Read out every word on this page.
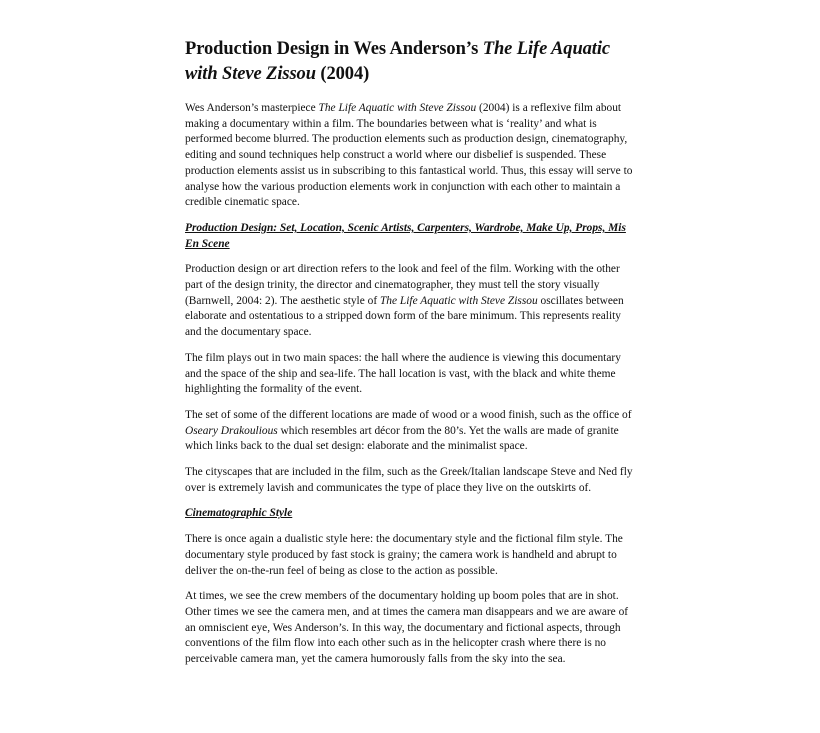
Production Design in Wes Anderson’s The Life Aquatic with Steve Zissou (2004)

Wes Anderson’s masterpiece The Life Aquatic with Steve Zissou (2004) is a reflexive film about making a documentary within a film. The boundaries between what is ‘reality’ and what is performed become blurred. The production elements such as production design, cinematography, editing and sound techniques help construct a world where our disbelief is suspended. These production elements assist us in subscribing to this fantastical world. Thus, this essay will serve to analyse how the various production elements work in conjunction with each other to maintain a credible cinematic space.

Production Design: Set, Location, Scenic Artists, Carpenters, Wardrobe, Make Up, Props, Mis En Scene

Production design or art direction refers to the look and feel of the film. Working with the other part of the design trinity, the director and cinematographer, they must tell the story visually (Barnwell, 2004: 2). The aesthetic style of The Life Aquatic with Steve Zissou oscillates between elaborate and ostentatious to a stripped down form of the bare minimum. This represents reality and the documentary space.

The film plays out in two main spaces: the hall where the audience is viewing this documentary and the space of the ship and sea-life. The hall location is vast, with the black and white theme highlighting the formality of the event.

The set of some of the different locations are made of wood or a wood finish, such as the office of Oseary Drakoulious which resembles art décor from the 80’s. Yet the walls are made of granite which links back to the dual set design: elaborate and the minimalist space.

The cityscapes that are included in the film, such as the Greek/Italian landscape Steve and Ned fly over is extremely lavish and communicates the type of place they live on the outskirts of.

Cinematographic Style

There is once again a dualistic style here: the documentary style and the fictional film style. The documentary style produced by fast stock is grainy; the camera work is handheld and abrupt to deliver the on-the-run feel of being as close to the action as possible.

At times, we see the crew members of the documentary holding up boom poles that are in shot. Other times we see the camera men, and at times the camera man disappears and we are aware of an omniscient eye, Wes Anderson’s. In this way, the documentary and fictional aspects, through conventions of the film flow into each other such as in the helicopter crash where there is no perceivable camera man, yet the camera humorously falls from the sky into the sea.
